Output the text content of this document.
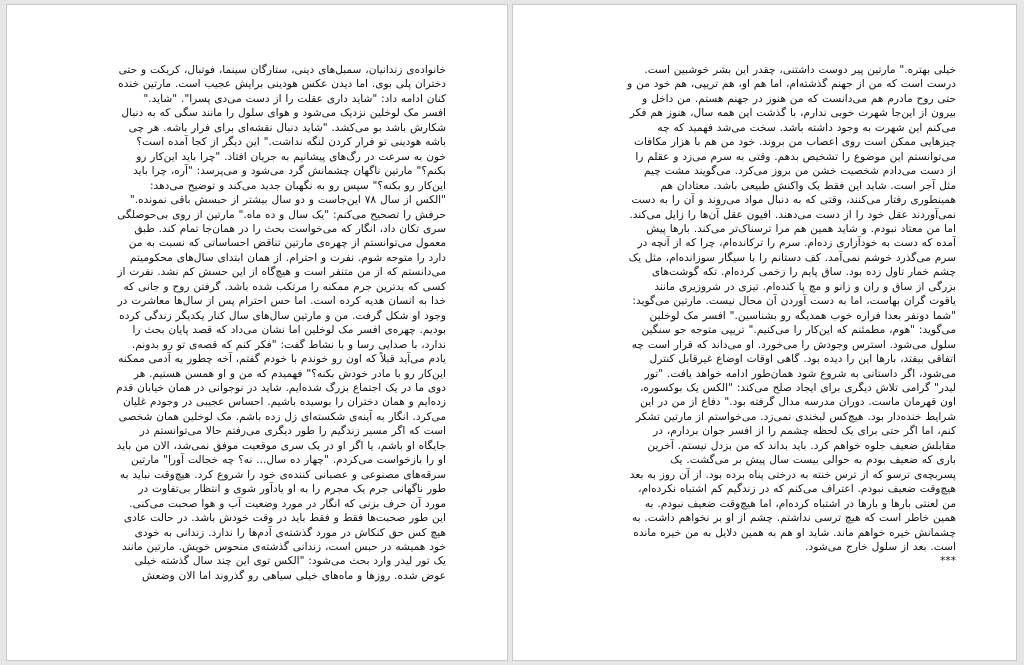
خانواده‌ی زندانیان، سمبل‌های دینی، ستارگان سینما، فوتبال، کریکت و حتی
دختران پلی بوی. اما دیدن عکس هودینی برایش عجیب است. مارتین خنده
کنان ادامه داد: "شاید داری عقلت را از دست می‌دی پسرا". "شاید."
افسر مک لوخلین نزدیک می‌شود و هوای سلول را مانند سگی که به دنبال
شکارش باشد بو می‌کشد. "شاید دنبال نقشه‌ای برای فرار باشه. هر چی
باشه هودینی تو فرار کردن لنگه نداشت." این دیگر از کجا آمده است؟
خون به سرعت در رگ‌های پیشانیم به جریان افتاد. "چرا باید این‌کار رو
بکنم؟" مارتین ناگهان چشمانش گرد می‌شود و می‌پرسد: "آره، چرا باید
این‌کار رو بکنه؟" سپس رو به نگهبان جدید می‌کند و توضیح می‌دهد:
"الکس از سال ۷۸ این‌جاست و دو سال بیشتر از حبسش باقی نمونده."
حرفش را تصحیح می‌کنم: "یک سال و ده ماه." مارتین از روی بی‌حوصلگی
سری تکان داد، انگار که می‌خواست بحث را در همان‌جا تمام کند. طبق
معمول می‌توانستم از چهره‌ی مارتین تناقض احساساتی که نسبت به من
دارد را متوجه شوم. نفرت و احترام. از همان ابتدای سال‌های محکومیتم
می‌دانستم که از من متنفر است و هیچ‌گاه از این حسش کم نشد. نفرت از
کسی که بدترین جرم ممکنه را مرتکب شده باشد. گرفتن روح و جانی که
خدا به انسان هدیه کرده است. اما حس احترام پس از سال‌ها معاشرت در
وجود او شکل گرفت. من و مارتین سال‌های سال کنار یکدیگر زندگی کرده
بودیم. چهره‌ی افسر مک لوخلین اما نشان می‌داد که قصد پایان بحث را
ندارد، با صدایی رسا و با نشاط گفت: "فکر کنم که قصه‌ی تو رو بدونم.
یادم می‌آید قبلاً که اون رو خوندم با خودم گفتم، آخه چطور یه آدمی ممکنه
این‌کار رو با مادر خودش بکنه؟" فهمیدم که من و او همسن هستیم. هر
دوی ما در یک اجتماع بزرگ شده‌ایم. شاید در نوجوانی در همان خیابان قدم
زده‌ایم و همان دختران را بوسیده باشیم. احساس عجیبی در وجودم غلیان
می‌کرد. انگار به آینه‌ی شکسته‌ای زل زده باشم. مک لوخلین همان شخصی
است که اگر مسیر زندگیم را طور دیگری می‌رفتم حالا می‌توانستم در
جایگاه او باشم، یا اگر او در یک سری موقعیت موفق نمی‌شد، الان من باید
او را بازخواست می‌کردم. "چهار ده سال... نه؟ چه خجالت آورا" مارتین
سرقه‌های مصنوعی و عصبانی کننده‌ی خود را شروع کرد. هیچ‌وقت نباید به
طور ناگهانی جرم یک مجرم را به او یادآور شوی و انتظار بی‌تفاوت در
مورد آن حرف بزنی که انگار در مورد وضعیت آب و هوا صحبت می‌کنی.
این طور صحبت‌ها فقط و فقط باید در وقت خودش باشد. در حالت عادی
هیچ کس حق کنکاش در مورد گذشته‌ی آدم‌ها را ندارد. زندانی به خودی
خود همیشه در حبس است، زندانی گذشته‌ی منحوس خویش. مارتین مانند
یک تور لیدر وارد بحث می‌شود: "الکس توی این چند سال گذشته خیلی
عوض شده. روزها و ماه‌های خیلی سیاهی رو گذروند اما الان وضعش
خیلی بهتره." مارتین پیر دوست داشتنی، چقدر این بشر خوشبین است.
درست است که من از جهنم گذشته‌ام، اما هم او، هم تریپی، هم خود من و
حتی روح مادرم هم می‌دانست که من هنوز در جهنم هستم. من داخل و
بیرون از این‌جا شهرت خوبی ندارم، با گذشت این همه سال، هنوز هم فکر
می‌کنم این شهرت به وجود داشته باشد. سخت می‌شد فهمید که چه
چیزهایی ممکن است روی اعصاب من بروند. خود من هم با هزار مکافات
می‌توانستم این موضوع را تشخیص بدهم. وقتی به سرم می‌زد و عقلم را
از دست می‌دادم شخصیت خشن من بروز می‌کرد. می‌گویند مشت چیم
مثل آجر است. شاید این فقط یک واکنش طبیعی باشد. معتادان هم
همینطوری رفتار می‌کنند، وقتی که به دنبال مواد می‌روند و آن را به دست
نمی‌آوردند عقل خود را از دست می‌دهند. افیون عقل آن‌ها را زایل می‌کند.
اما من معتاد نبودم. و شاید همین هم مرا ترسناک‌تر می‌کند. بارها پیش
آمده که دست به خودآزاری زده‌ام. سرم را ترکانده‌ام، چرا که از آنچه در
سرم می‌گذرد خوشم نمی‌آمد. کف دستانم را با سیگار سوزانده‌ام، مثل یک
چشم خمار تاول زده بود. ساق پایم را زخمی کرده‌ام. تکه گوشت‌های
بزرگی از ساق و ران و زانو و مچ پا کنده‌ام. تیزی در شروزیری مانند
یاقوت گران بهاست، اما به دست آوردن آن محال نیست. مارتین می‌گوید:
"شما دونفر بعدا فراره خوب همدیگه رو بشناسین." افسر مک لوخلین
می‌گوید: "هوم، مطمئنم که این‌کار را می‌کنیم." تریپی متوجه جو سنگین
سلول می‌شود. استرس وجودش را می‌خورد. او می‌داند که قرار است چه
اتفاقی بیفتد، بارها این را دیده بود. گاهی اوقات اوضاع غیرقابل کنترل
می‌شود، اگر داستانی به شروع شود همان‌طور ادامه خواهد یافت. "تور
لیدر" گرامی تلاش دیگری برای ایجاد صلح می‌کند: "الکس یک بوکسوره،
اون قهرمان ماست. دوران مدرسه مدال گرفته بود." دفاع از من در این
شرایط خنده‌دار بود. هیچ‌کس لبخندی نمی‌زد. می‌خواستم از مارتین تشکر
کنم، اما اگر حتی برای یک لحظه چشمم را از افسر جوان بردارم، در
مقابلش ضعیف جلوه خواهم کرد. باید بداند که من بزدل نیستم. آخرین
باری که ضعیف بودم به حوالی بیست سال پیش بر می‌گشت. یک
پسربچه‌ی ترسو که از ترس خنته به درختی پناه برده بود. از آن روز به بعد
هیچ‌وقت ضعیف نبودم. اعتراف می‌کنم که در زندگیم کم اشتباه نکرده‌ام،
من لعنتی بارها و بارها در اشتباه کرده‌ام، اما هیچ‌وقت ضعیف نبودم. به
همین خاطر است که هیچ ترسی نداشتم. چشم از او بر نخواهم داشت. به
چشمانش خیره خواهم ماند. شاید او هم به همین دلایل به من خیره مانده
است. بعد از سلول خارج می‌شود.
***
